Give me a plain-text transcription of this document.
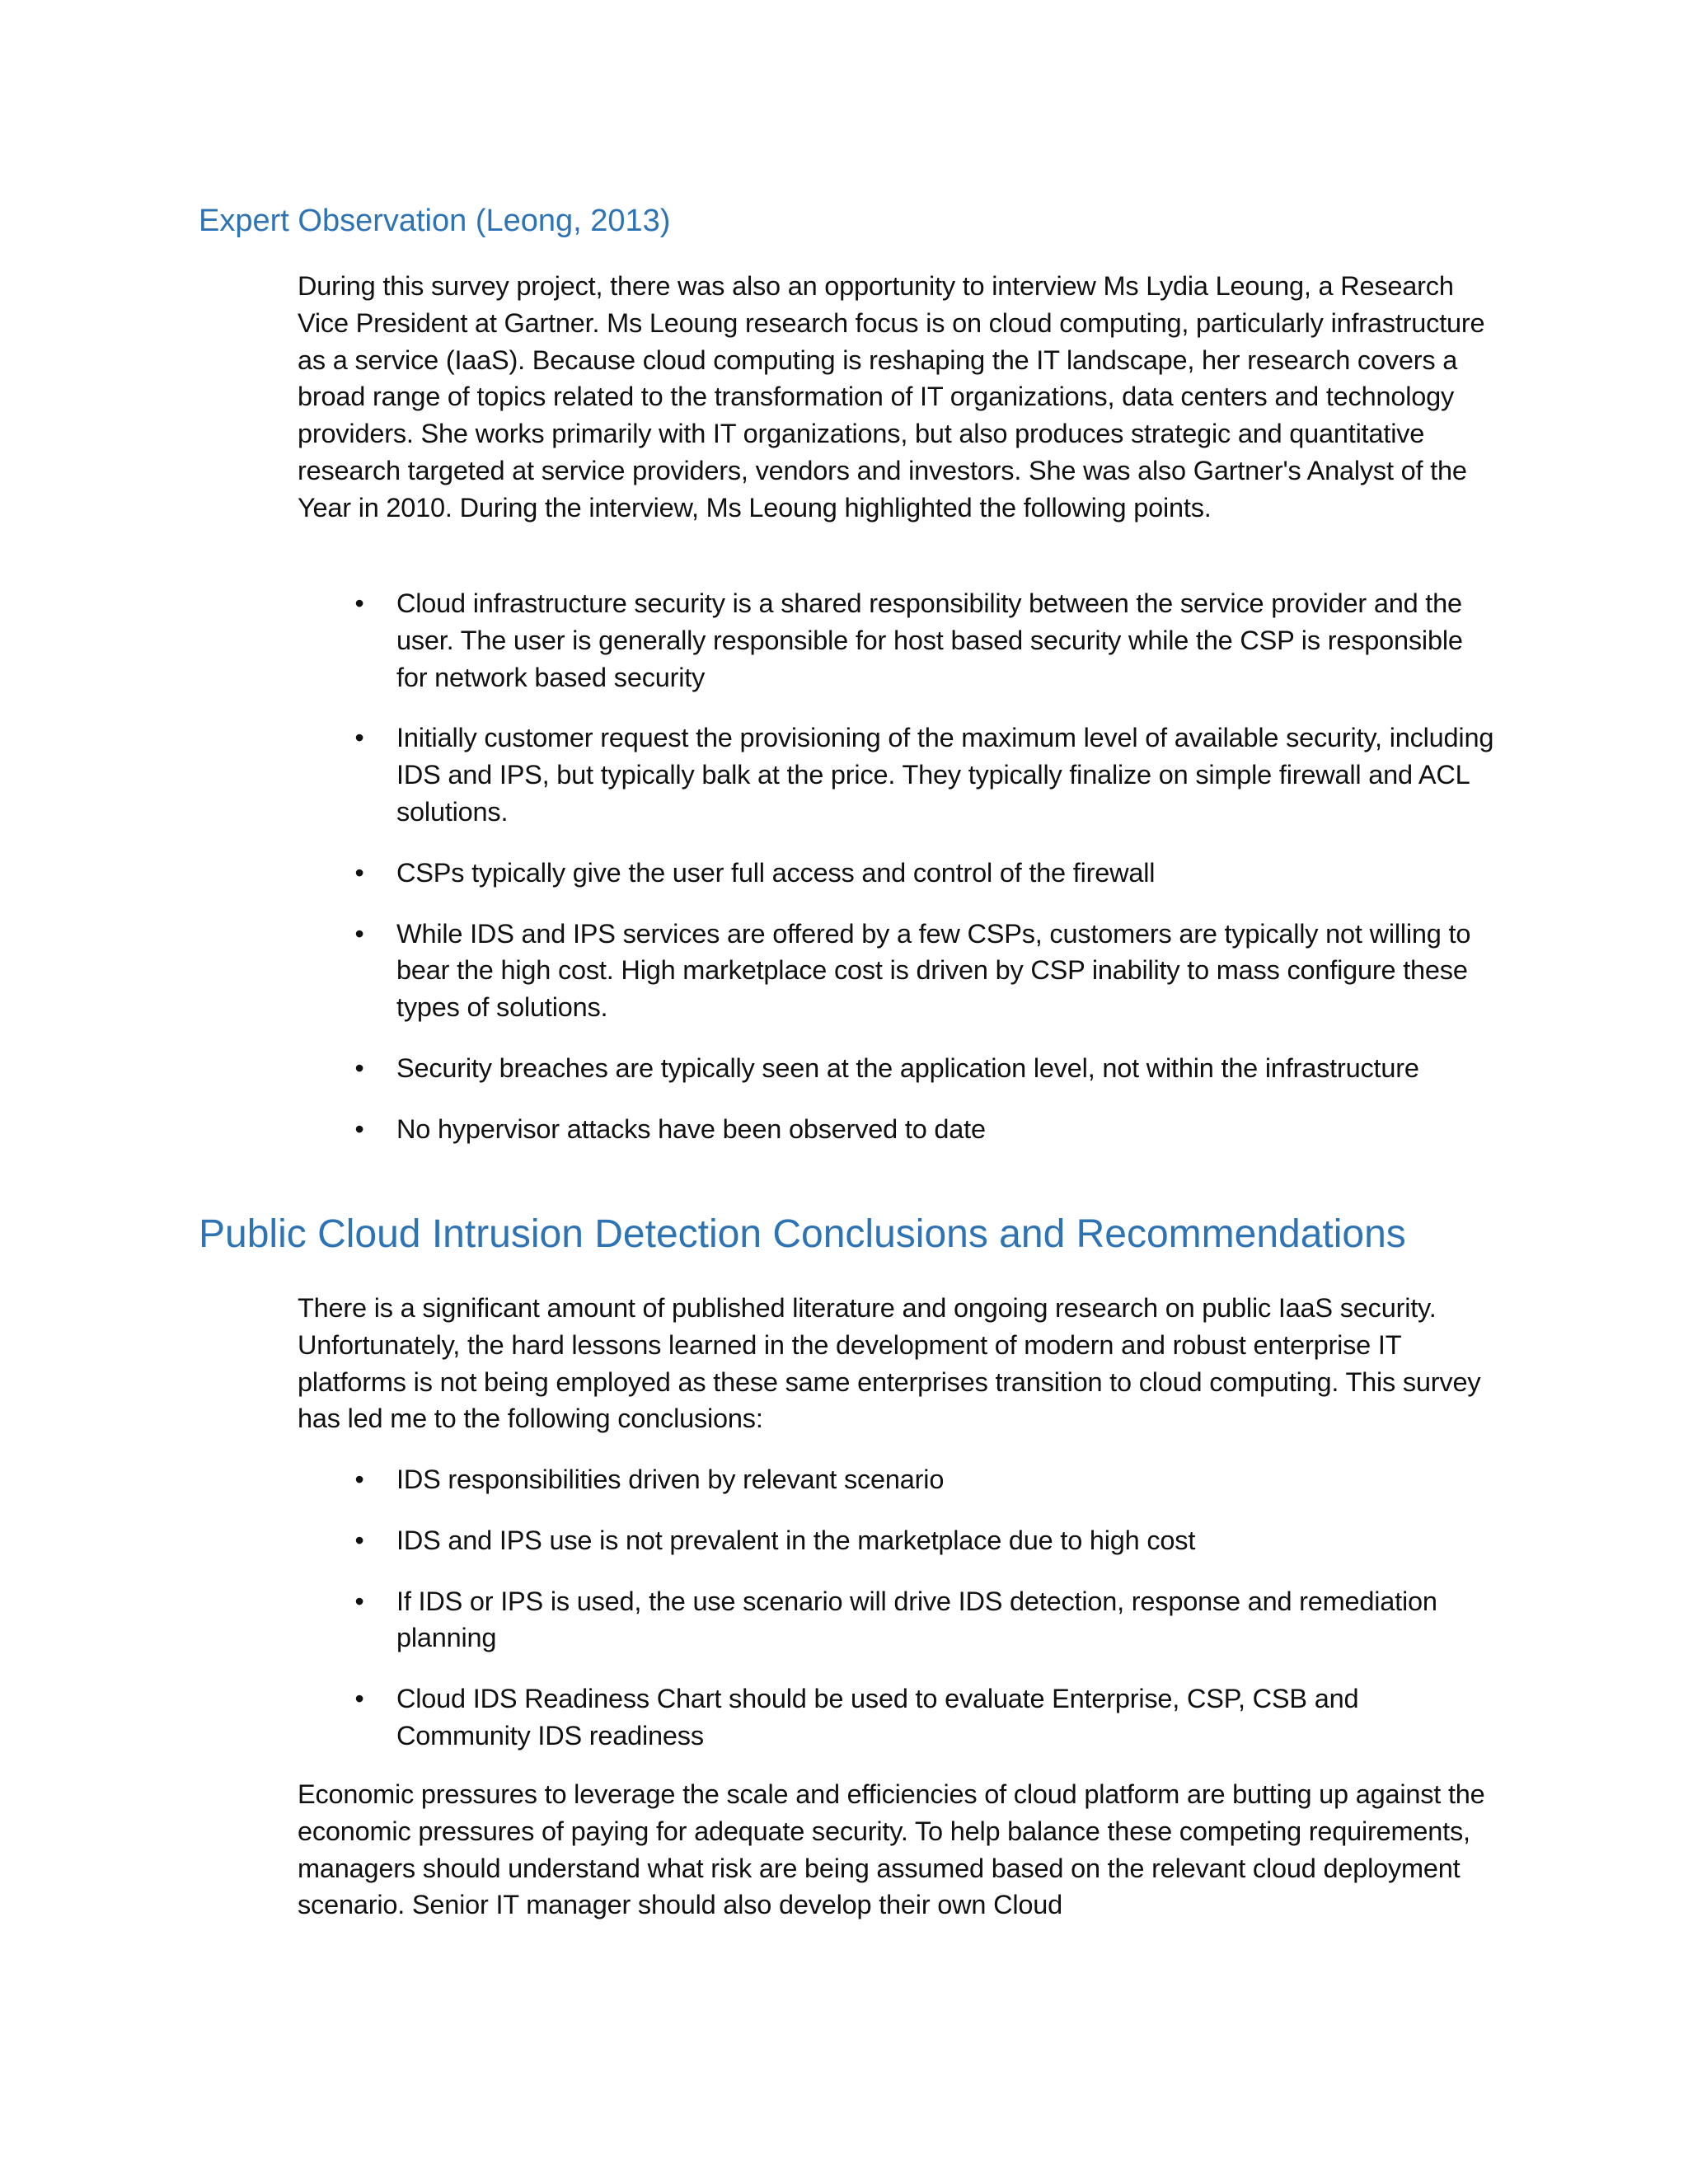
Expert Observation (Leong, 2013)

During this survey project, there was also an opportunity to interview Ms Lydia Leoung, a Research Vice President at Gartner. Ms Leoung research focus is on cloud computing, particularly infrastructure as a service (IaaS). Because cloud computing is reshaping the IT landscape, her research covers a broad range of topics related to the transformation of IT organizations, data centers and technology providers. She works primarily with IT organizations, but also produces strategic and quantitative research targeted at service providers, vendors and investors. She was also Gartner's Analyst of the Year in 2010. During the interview, Ms Leoung highlighted the following points.

• Cloud infrastructure security is a shared responsibility between the service provider and the user. The user is generally responsible for host based security while the CSP is responsible for network based security
• Initially customer request the provisioning of the maximum level of available security, including IDS and IPS, but typically balk at the price. They typically finalize on simple firewall and ACL solutions.
• CSPs typically give the user full access and control of the firewall
• While IDS and IPS services are offered by a few CSPs, customers are typically not willing to bear the high cost. High marketplace cost is driven by CSP inability to mass configure these types of solutions.
• Security breaches are typically seen at the application level, not within the infrastructure
• No hypervisor attacks have been observed to date
Public Cloud Intrusion Detection Conclusions and Recommendations

There is a significant amount of published literature and ongoing research on public IaaS security. Unfortunately, the hard lessons learned in the development of modern and robust enterprise IT platforms is not being employed as these same enterprises transition to cloud computing. This survey has led me to the following conclusions:

• IDS responsibilities driven by relevant scenario
• IDS and IPS use is not prevalent in the marketplace due to high cost
• If IDS or IPS is used, the use scenario will drive IDS detection, response and remediation planning
• Cloud IDS Readiness Chart should be used to evaluate Enterprise, CSP, CSB and Community IDS readiness

Economic pressures to leverage the scale and efficiencies of cloud platform are butting up against the economic pressures of paying for adequate security. To help balance these competing requirements, managers should understand what risk are being assumed based on the relevant cloud deployment scenario. Senior IT manager should also develop their own Cloud
